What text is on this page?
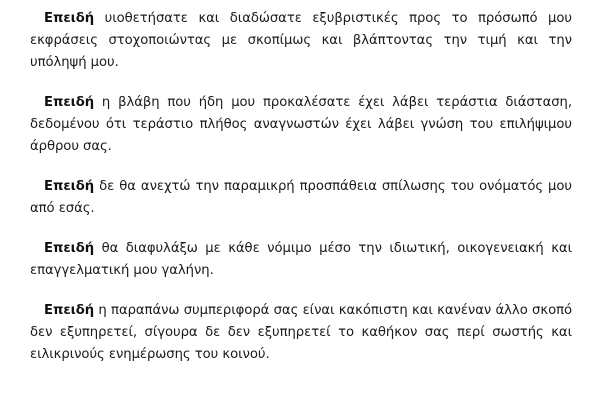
Επειδή υιοθετήσατε και διαδώσατε εξυβριστικές προς το πρόσωπό μου εκφράσεις στοχοποιώντας με σκοπίμως και βλάπτοντας την τιμή και την υπόληψή μου.

Επειδή η βλάβη που ήδη μου προκαλέσατε έχει λάβει τεράστια διάσταση, δεδομένου ότι τεράστιο πλήθος αναγνωστών έχει λάβει γνώση του επιλήψιμου άρθρου σας.

Επειδή δε θα ανεχτώ την παραμικρή προσπάθεια σπίλωσης του ονόματός μου από εσάς.

Επειδή θα διαφυλάξω με κάθε νόμιμο μέσο την ιδιωτική, οικογενειακή και επαγγελματική μου γαλήνη.

Επειδή η παραπάνω συμπεριφορά σας είναι κακόπιστη και κανέναν άλλο σκοπό δεν εξυπηρετεί, σίγουρα δε δεν εξυπηρετεί το καθήκον σας περί σωστής και ειλικρινούς ενημέρωσης του κοινού.
